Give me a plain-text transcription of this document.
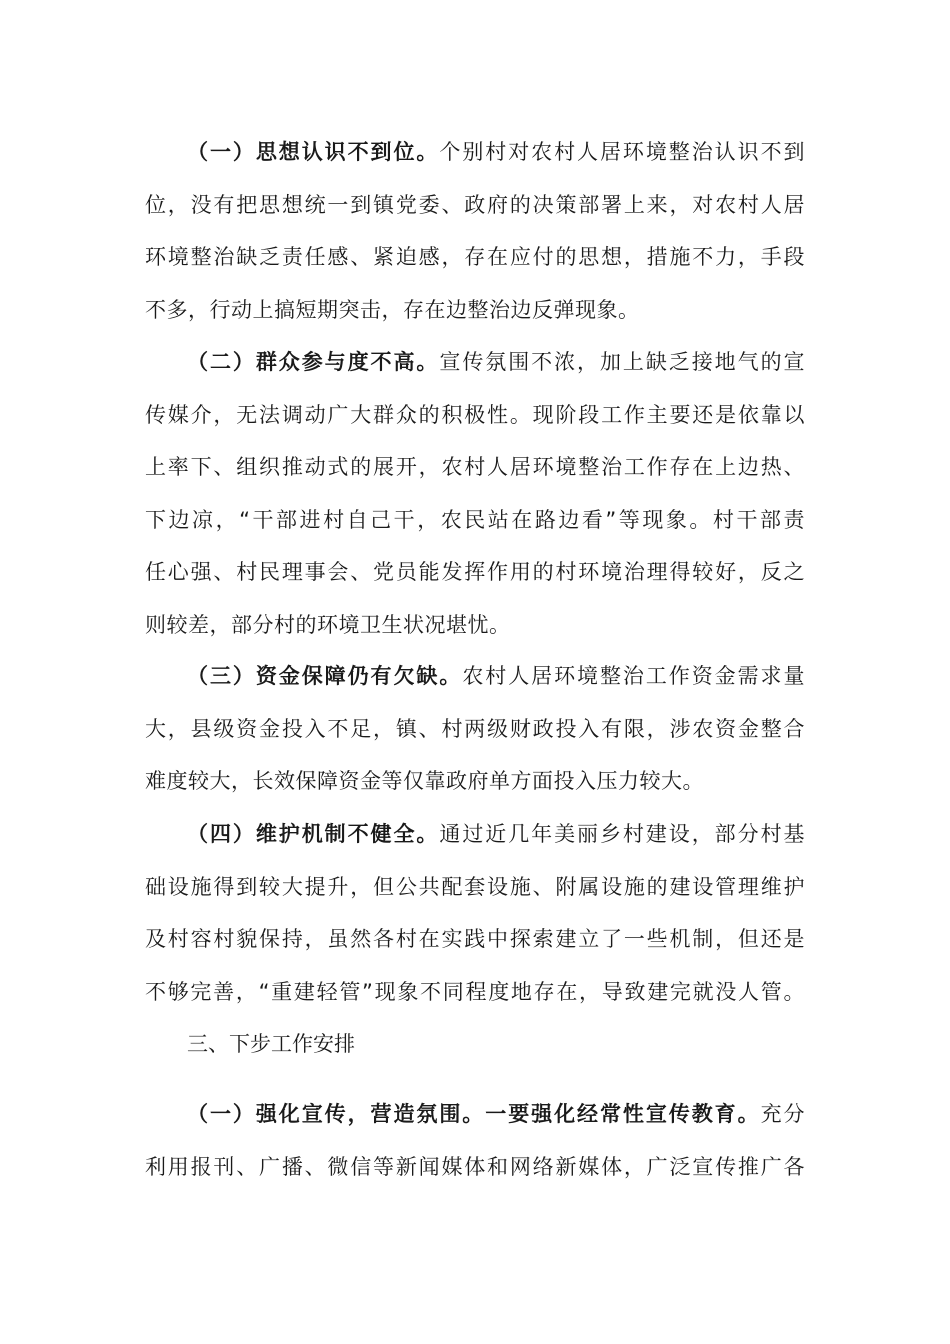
（一）思想认识不到位。个别村对农村人居环境整治认识不到
位，没有把思想统一到镇党委、政府的决策部署上来，对农村人居
环境整治缺乏责任感、紧迫感，存在应付的思想，措施不力，手段
不多，行动上搞短期突击，存在边整治边反弹现象。
（二）群众参与度不高。宣传氛围不浓，加上缺乏接地气的宣
传媒介，无法调动广大群众的积极性。现阶段工作主要还是依靠以
上率下、组织推动式的展开，农村人居环境整治工作存在上边热、
下边凉，“干部进村自己干，农民站在路边看”等现象。村干部责
任心强、村民理事会、党员能发挥作用的村环境治理得较好，反之
则较差，部分村的环境卫生状况堪忧。
（三）资金保障仍有欠缺。农村人居环境整治工作资金需求量
大，县级资金投入不足，镇、村两级财政投入有限，涉农资金整合
难度较大，长效保障资金等仅靠政府单方面投入压力较大。
（四）维护机制不健全。通过近几年美丽乡村建设，部分村基
础设施得到较大提升，但公共配套设施、附属设施的建设管理维护
及村容村貌保持，虽然各村在实践中探索建立了一些机制，但还是
不够完善，“重建轻管”现象不同程度地存在，导致建完就没人管。
三、下步工作安排
（一）强化宣传，营造氛围。一要强化经常性宣传教育。充分
利用报刊、广播、微信等新闻媒体和网络新媒体，广泛宣传推广各
